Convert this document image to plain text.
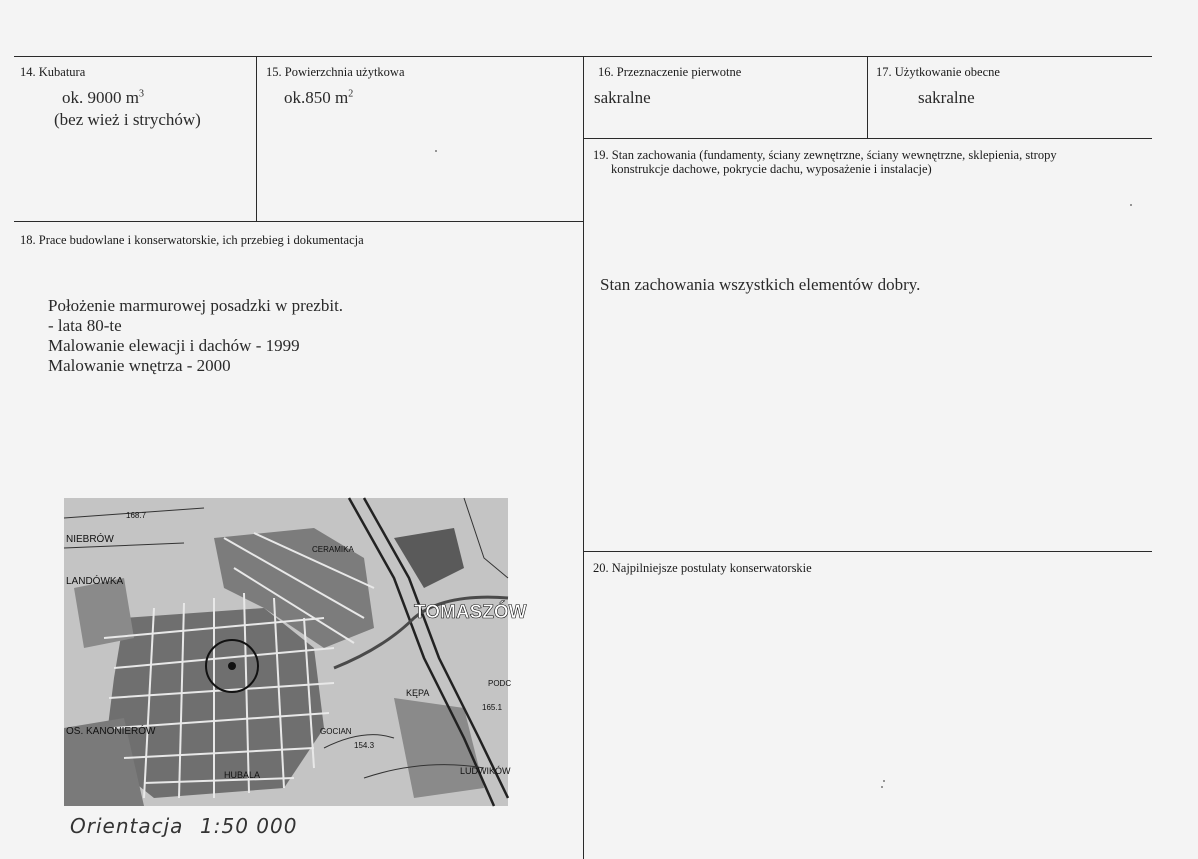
14. Kubatura
ok. 9000 $m^3$
(bez wież i strychów)
15. Powierzchnia użytkowa
ok.850 $m^2$
16. Przeznaczenie pierwotne
sakralne
17. Użytkowanie obecne
sakralne
19. Stan zachowania (fundamenty, ściany zewnętrzne, ściany wewnętrzne, sklepienia, stropy
konstrukcje dachowe, pokrycie dachu, wyposażenie i instalacje)
Stan zachowania wszystkich elementów dobry.
18. Prace budowlane i konserwatorskie, ich przebieg i dokumentacja
Położenie marmurowej posadzki w prezbit.
- lata 80-te
Malowanie elewacji i dachów - 1999
Malowanie wnętrza - 2000
20. Najpilniejsze postulaty konserwatorskie
NIEBRÓW
LANDÓWKA
TOMASZÓW
OS. KANONIERÓW
KĘPA
HUBALA	LUDWIKÓW
168.7
154.3
165.1
GOCIAN
PODC
CERAMIKA
Orientacja 1:50 000
